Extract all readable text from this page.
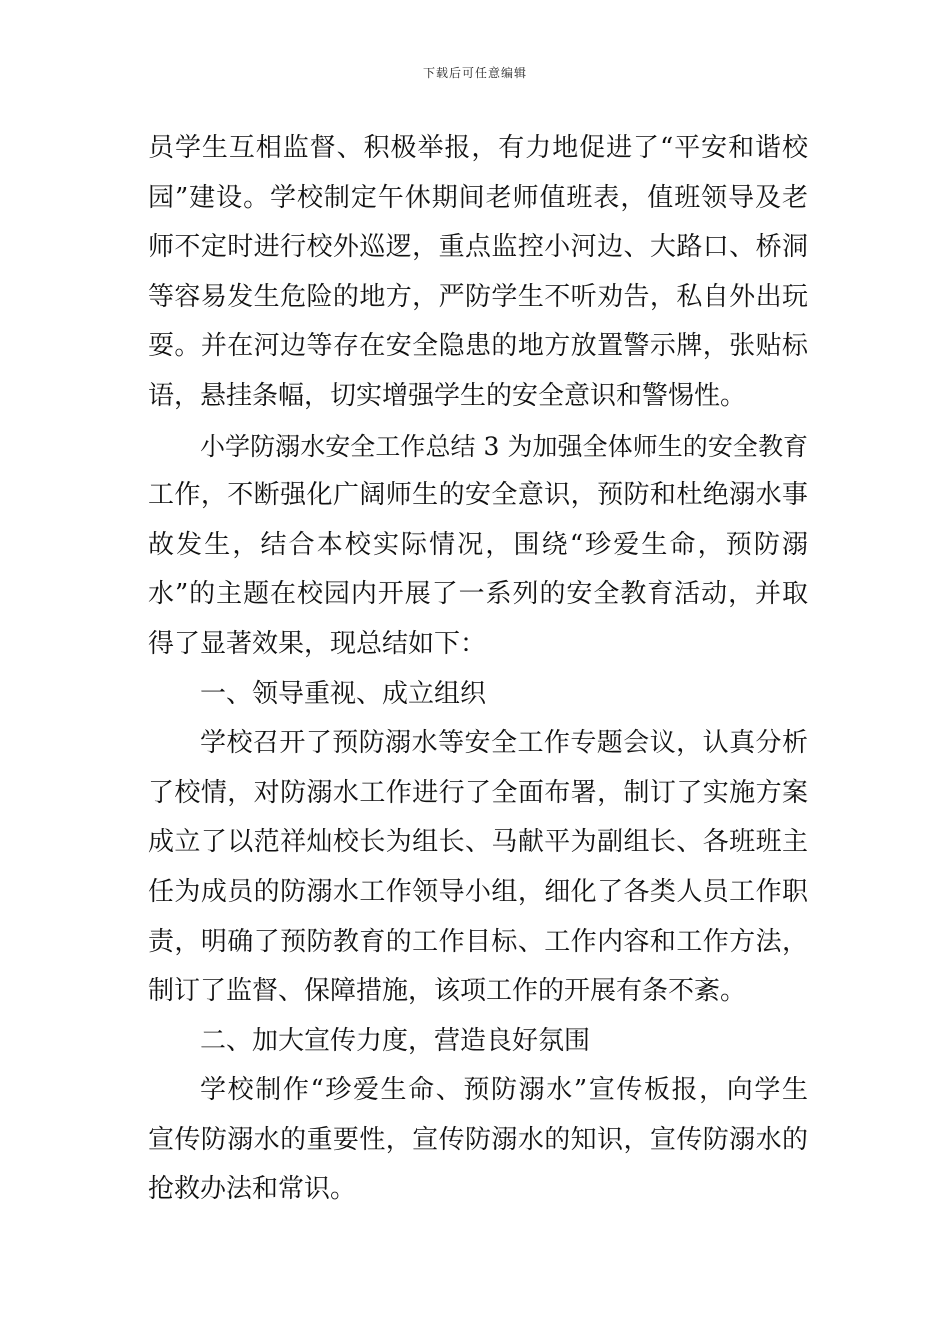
下载后可任意编辑
员学生互相监督、积极举报，有力地促进了“平安和谐校
园”建设。学校制定午休期间老师值班表，值班领导及老
师不定时进行校外巡逻，重点监控小河边、大路口、桥洞
等容易发生危险的地方，严防学生不听劝告，私自外出玩
耍。并在河边等存在安全隐患的地方放置警示牌，张贴标
语，悬挂条幅，切实增强学生的安全意识和警惕性。
小学防溺水安全工作总结 3 为加强全体师生的安全教育
工作，不断强化广阔师生的安全意识，预防和杜绝溺水事
故发生，结合本校实际情况，围绕“珍爱生命，预防溺
水”的主题在校园内开展了一系列的安全教育活动，并取
得了显著效果，现总结如下：
一、领导重视、成立组织
学校召开了预防溺水等安全工作专题会议，认真分析
了校情，对防溺水工作进行了全面布署，制订了实施方案
成立了以范祥灿校长为组长、马献平为副组长、各班班主
任为成员的防溺水工作领导小组，细化了各类人员工作职
责，明确了预防教育的工作目标、工作内容和工作方法，
制订了监督、保障措施，该项工作的开展有条不紊。
二、加大宣传力度，营造良好氛围
学校制作“珍爱生命、预防溺水”宣传板报，向学生
宣传防溺水的重要性，宣传防溺水的知识，宣传防溺水的
抢救办法和常识。
